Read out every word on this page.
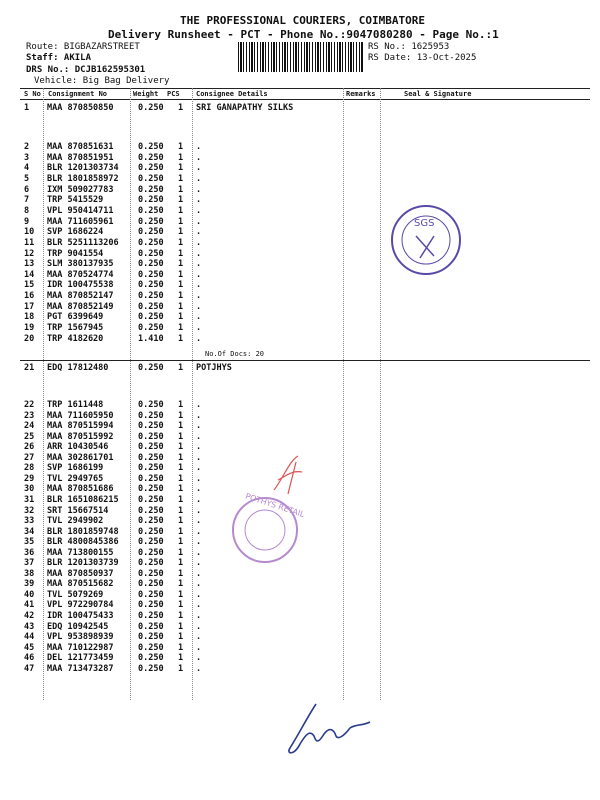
THE PROFESSIONAL COURIERS, COIMBATORE
Delivery Runsheet - PCT - Phone No.:9047080280 - Page No.:1
Route: BIGBAZARSTREET
Staff: AKILA
DRS No.: DCJB162595301
Vehicle: Big Bag Delivery
RS No.: 1625953
RS Date: 13-Oct-2025
S No Consignment No	Weight PCS Consignee Details	Remarks	Seal & Signature
1 MAA 870850850	0.250 1 SRI GANAPATHY SILKS
2 MAA 870851631	0.250 1 .
3 MAA 870851951	0.250 1 .
4 BLR 1201303734 0.250 1 .
5 BLR 1801858972 0.250 1 .
6 IXM 509027783	0.250 1 .
7 TRP 5415529	0.250 1 .
8 VPL 950414711	0.250 1 .
9 MAA 711605961	0.250 1 .
10 SVP 1686224	0.250 1 .
11 BLR 5251113206 0.250 1 .
12 TRP 9041554	0.250 1 .
13 SLM 380137935	0.250 1 .
14 MAA 870524774	0.250 1 .
15 IDR 100475538	0.250 1 .
16 MAA 870852147	0.250 1 .
17 MAA 870852149	0.250 1 .
18 PGT 6399649	0.250 1 .
19 TRP 1567945	0.250 1 .
20 TRP 4182620	1.410 1 .
No.Of Docs: 20
21 EDQ 17812480	0.250 1 POTJHYS
22 TRP 1611448	0.250 1 .
23 MAA 711605950	0.250 1 .
24 MAA 870515994	0.250 1 .
25 MAA 870515992	0.250 1 .
26 ARR 10430546	0.250 1 .
27 MAA 302861701	0.250 1 .
28 SVP 1686199	0.250 1 .
29 TVL 2949765	0.250 1 .
30 MAA 870851686	0.250 1 .
31 BLR 1651086215 0.250 1 .
32 SRT 15667514	0.250 1 .
33 TVL 2949902	0.250 1 .
34 BLR 1801859748 0.250 1 .
35 BLR 4800845386 0.250 1 .
36 MAA 713800155	0.250 1 .
37 BLR 1201303739 0.250 1 .
38 MAA 870850937	0.250 1 .
39 MAA 870515682	0.250 1 .
40 TVL 5079269	0.250 1 .
41 VPL 972290784	0.250 1 .
42 IDR 100475433	0.250 1 .
43 EDQ 10942545	0.250 1 .
44 VPL 953898939	0.250 1 .
45 MAA 710122987	0.250 1 .
46 DEL 121773459	0.250 1 .
47 MAA 713473287	0.250 1 .
SGS
POTHYS RETAIL
